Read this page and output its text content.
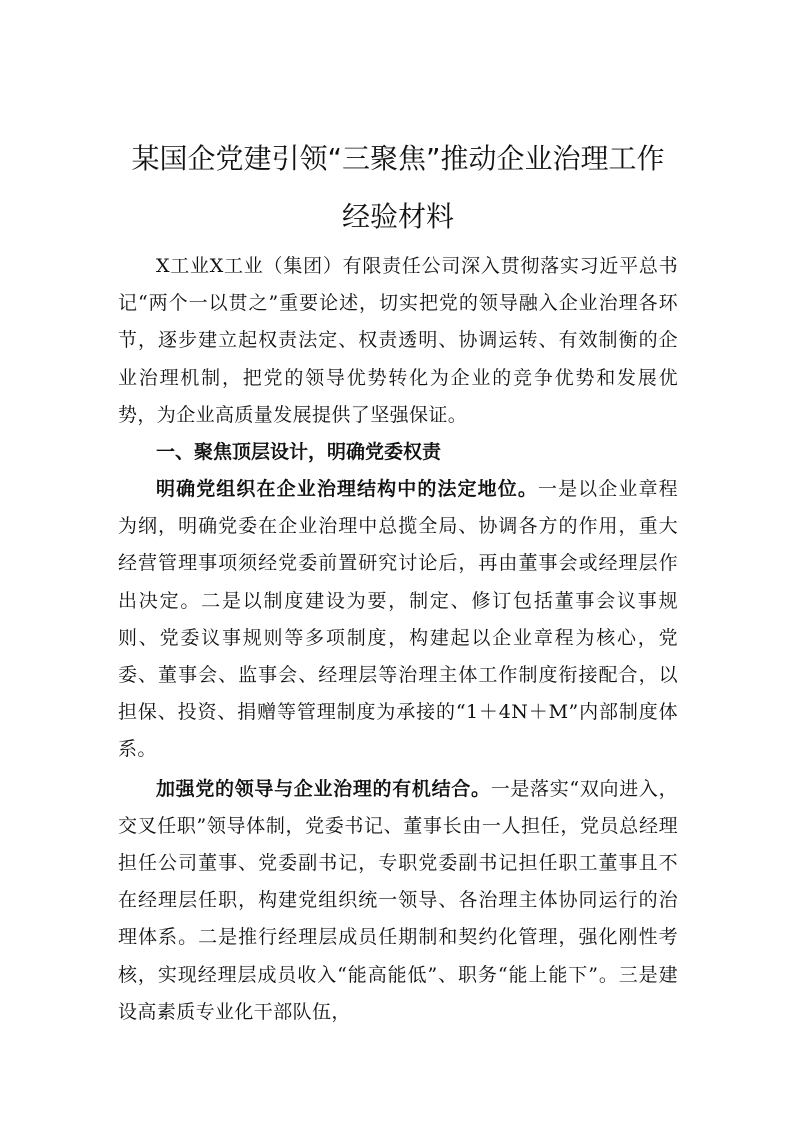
某国企党建引领“三聚焦”推动企业治理工作经验材料

X工业X工业（集团）有限责任公司深入贯彻落实习近平总书记“两个一以贯之”重要论述，切实把党的领导融入企业治理各环节，逐步建立起权责法定、权责透明、协调运转、有效制衡的企业治理机制，把党的领导优势转化为企业的竞争优势和发展优势，为企业高质量发展提供了坚强保证。

一、聚焦顶层设计，明确党委权责

明确党组织在企业治理结构中的法定地位。一是以企业章程为纲，明确党委在企业治理中总揽全局、协调各方的作用，重大经营管理事项须经党委前置研究讨论后，再由董事会或经理层作出决定。二是以制度建设为要，制定、修订包括董事会议事规则、党委议事规则等多项制度，构建起以企业章程为核心，党委、董事会、监事会、经理层等治理主体工作制度衔接配合，以担保、投资、捐赠等管理制度为承接的“1＋4N＋M”内部制度体系。

加强党的领导与企业治理的有机结合。一是落实“双向进入，交叉任职”领导体制，党委书记、董事长由一人担任，党员总经理担任公司董事、党委副书记，专职党委副书记担任职工董事且不在经理层任职，构建党组织统一领导、各治理主体协同运行的治理体系。二是推行经理层成员任期制和契约化管理，强化刚性考核，实现经理层成员收入“能高能低”、职务“能上能下”。三是建设高素质专业化干部队伍，
